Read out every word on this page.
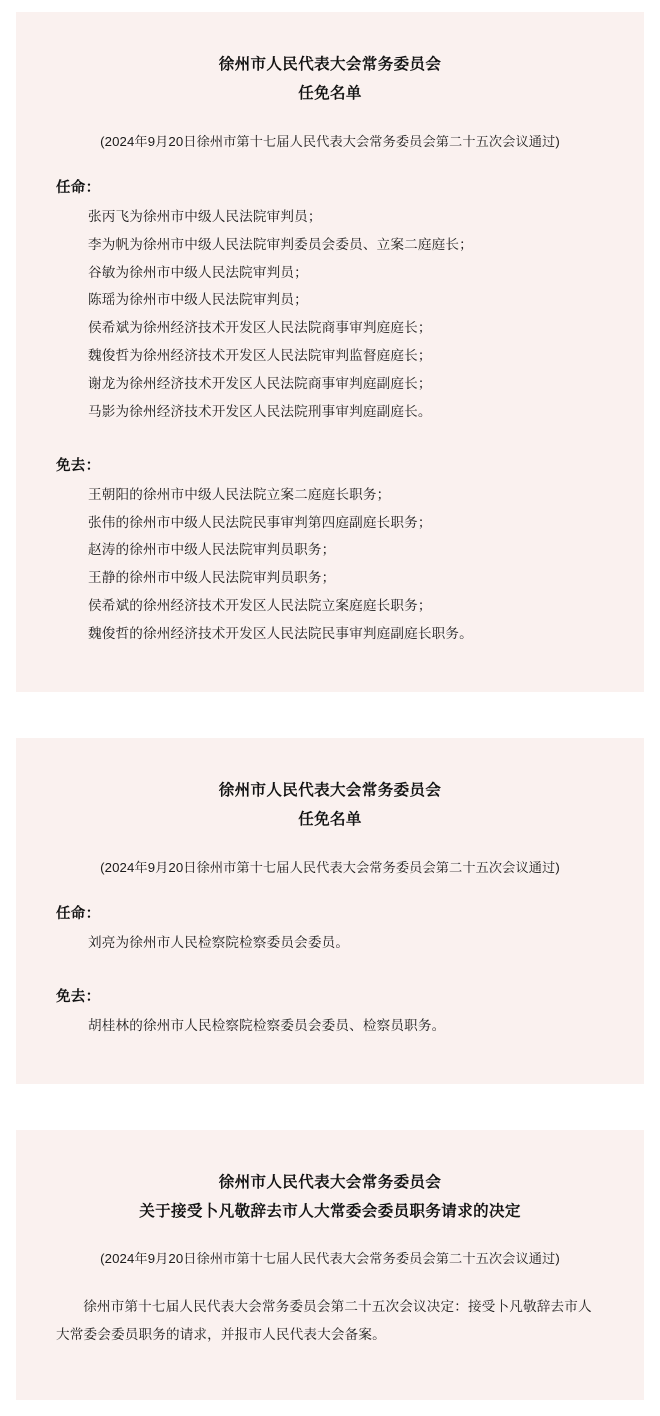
徐州市人民代表大会常务委员会
任免名单
(2024年9月20日徐州市第十七届人民代表大会常务委员会第二十五次会议通过)
任命：
张丙飞为徐州市中级人民法院审判员；
李为帆为徐州市中级人民法院审判委员会委员、立案二庭庭长；
谷敏为徐州市中级人民法院审判员；
陈瑶为徐州市中级人民法院审判员；
侯希斌为徐州经济技术开发区人民法院商事审判庭庭长；
魏俊哲为徐州经济技术开发区人民法院审判监督庭庭长；
谢龙为徐州经济技术开发区人民法院商事审判庭副庭长；
马影为徐州经济技术开发区人民法院刑事审判庭副庭长。
免去：
王朝阳的徐州市中级人民法院立案二庭庭长职务；
张伟的徐州市中级人民法院民事审判第四庭副庭长职务；
赵涛的徐州市中级人民法院审判员职务；
王静的徐州市中级人民法院审判员职务；
侯希斌的徐州经济技术开发区人民法院立案庭庭长职务；
魏俊哲的徐州经济技术开发区人民法院民事审判庭副庭长职务。
徐州市人民代表大会常务委员会
任免名单
(2024年9月20日徐州市第十七届人民代表大会常务委员会第二十五次会议通过)
任命：
刘亮为徐州市人民检察院检察委员会委员。
免去：
胡桂林的徐州市人民检察院检察委员会委员、检察员职务。
徐州市人民代表大会常务委员会
关于接受卜凡敬辞去市人大常委会委员职务请求的决定
(2024年9月20日徐州市第十七届人民代表大会常务委员会第二十五次会议通过)
徐州市第十七届人民代表大会常务委员会第二十五次会议决定：接受卜凡敬辞去市人大常委会委员职务的请求，并报市人民代表大会备案。
